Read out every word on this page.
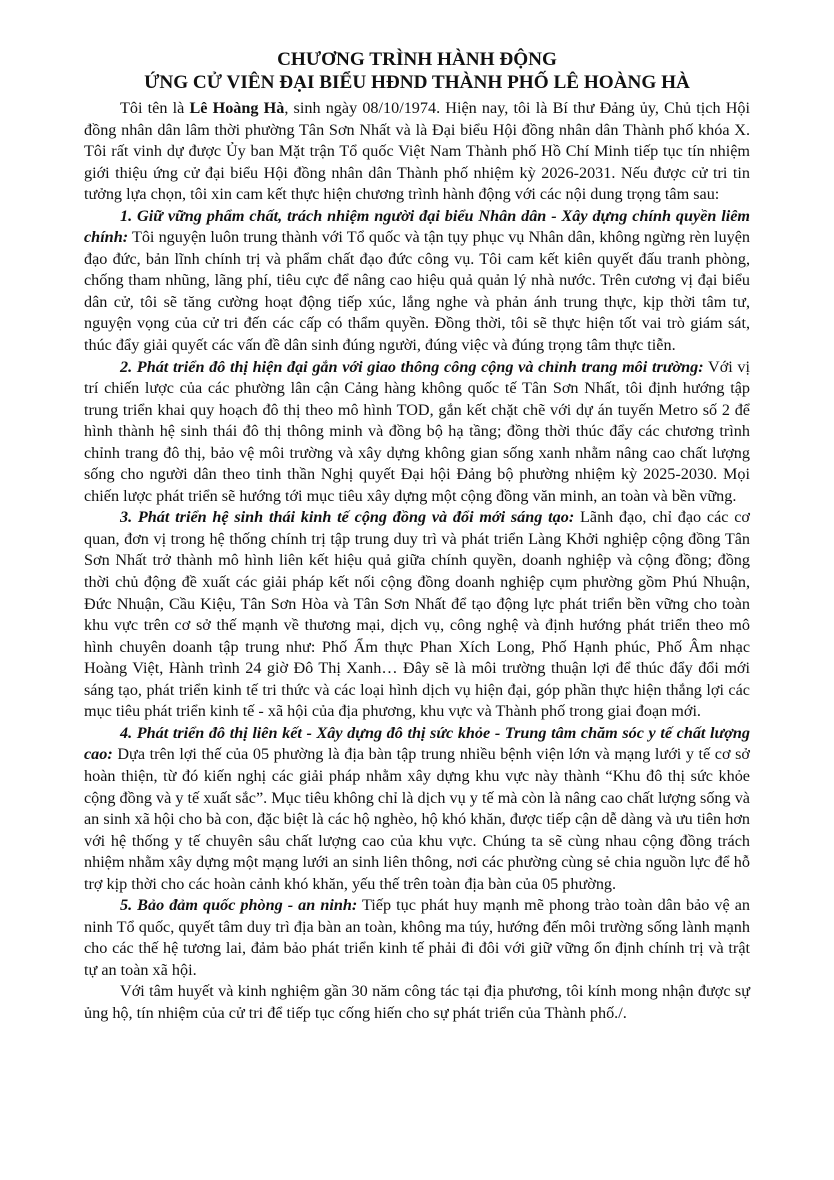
CHƯƠNG TRÌNH HÀNH ĐỘNG
ỨNG CỬ VIÊN ĐẠI BIỂU HĐND THÀNH PHỐ LÊ HOÀNG HÀ

Tôi tên là Lê Hoàng Hà, sinh ngày 08/10/1974. Hiện nay, tôi là Bí thư Đảng ủy, Chủ tịch Hội đồng nhân dân lâm thời phường Tân Sơn Nhất và là Đại biểu Hội đồng nhân dân Thành phố khóa X. Tôi rất vinh dự được Ủy ban Mặt trận Tổ quốc Việt Nam Thành phố Hồ Chí Minh tiếp tục tín nhiệm giới thiệu ứng cử đại biểu Hội đồng nhân dân Thành phố nhiệm kỳ 2026-2031. Nếu được cử tri tin tưởng lựa chọn, tôi xin cam kết thực hiện chương trình hành động với các nội dung trọng tâm sau:

1. Giữ vững phẩm chất, trách nhiệm người đại biểu Nhân dân - Xây dựng chính quyền liêm chính: Tôi nguyện luôn trung thành với Tổ quốc và tận tụy phục vụ Nhân dân, không ngừng rèn luyện đạo đức, bản lĩnh chính trị và phẩm chất đạo đức công vụ. Tôi cam kết kiên quyết đấu tranh phòng, chống tham nhũng, lãng phí, tiêu cực để nâng cao hiệu quả quản lý nhà nước. Trên cương vị đại biểu dân cử, tôi sẽ tăng cường hoạt động tiếp xúc, lắng nghe và phản ánh trung thực, kịp thời tâm tư, nguyện vọng của cử tri đến các cấp có thẩm quyền. Đồng thời, tôi sẽ thực hiện tốt vai trò giám sát, thúc đẩy giải quyết các vấn đề dân sinh đúng người, đúng việc và đúng trọng tâm thực tiễn.

2. Phát triển đô thị hiện đại gắn với giao thông công cộng và chỉnh trang môi trường: Với vị trí chiến lược của các phường lân cận Cảng hàng không quốc tế Tân Sơn Nhất, tôi định hướng tập trung triển khai quy hoạch đô thị theo mô hình TOD, gắn kết chặt chẽ với dự án tuyến Metro số 2 để hình thành hệ sinh thái đô thị thông minh và đồng bộ hạ tầng; đồng thời thúc đẩy các chương trình chỉnh trang đô thị, bảo vệ môi trường và xây dựng không gian sống xanh nhằm nâng cao chất lượng sống cho người dân theo tinh thần Nghị quyết Đại hội Đảng bộ phường nhiệm kỳ 2025-2030. Mọi chiến lược phát triển sẽ hướng tới mục tiêu xây dựng một cộng đồng văn minh, an toàn và bền vững.

3. Phát triển hệ sinh thái kinh tế cộng đồng và đổi mới sáng tạo: Lãnh đạo, chỉ đạo các cơ quan, đơn vị trong hệ thống chính trị tập trung duy trì và phát triển Làng Khởi nghiệp cộng đồng Tân Sơn Nhất trở thành mô hình liên kết hiệu quả giữa chính quyền, doanh nghiệp và cộng đồng; đồng thời chủ động đề xuất các giải pháp kết nối cộng đồng doanh nghiệp cụm phường gồm Phú Nhuận, Đức Nhuận, Cầu Kiệu, Tân Sơn Hòa và Tân Sơn Nhất để tạo động lực phát triển bền vững cho toàn khu vực trên cơ sở thế mạnh về thương mại, dịch vụ, công nghệ và định hướng phát triển theo mô hình chuyên doanh tập trung như: Phố Ẩm thực Phan Xích Long, Phố Hạnh phúc, Phố Âm nhạc Hoàng Việt, Hành trình 24 giờ Đô Thị Xanh… Đây sẽ là môi trường thuận lợi để thúc đẩy đổi mới sáng tạo, phát triển kinh tế tri thức và các loại hình dịch vụ hiện đại, góp phần thực hiện thắng lợi các mục tiêu phát triển kinh tế - xã hội của địa phương, khu vực và Thành phố trong giai đoạn mới.

4. Phát triển đô thị liên kết - Xây dựng đô thị sức khỏe - Trung tâm chăm sóc y tế chất lượng cao: Dựa trên lợi thế của 05 phường là địa bàn tập trung nhiều bệnh viện lớn và mạng lưới y tế cơ sở hoàn thiện, từ đó kiến nghị các giải pháp nhằm xây dựng khu vực này thành “Khu đô thị sức khỏe cộng đồng và y tế xuất sắc”. Mục tiêu không chỉ là dịch vụ y tế mà còn là nâng cao chất lượng sống và an sinh xã hội cho bà con, đặc biệt là các hộ nghèo, hộ khó khăn, được tiếp cận dễ dàng và ưu tiên hơn với hệ thống y tế chuyên sâu chất lượng cao của khu vực. Chúng ta sẽ cùng nhau cộng đồng trách nhiệm nhằm xây dựng một mạng lưới an sinh liên thông, nơi các phường cùng sẻ chia nguồn lực để hỗ trợ kịp thời cho các hoàn cảnh khó khăn, yếu thế trên toàn địa bàn của 05 phường.

5. Bảo đảm quốc phòng - an ninh: Tiếp tục phát huy mạnh mẽ phong trào toàn dân bảo vệ an ninh Tổ quốc, quyết tâm duy trì địa bàn an toàn, không ma túy, hướng đến môi trường sống lành mạnh cho các thế hệ tương lai, đảm bảo phát triển kinh tế phải đi đôi với giữ vững ổn định chính trị và trật tự an toàn xã hội.

Với tâm huyết và kinh nghiệm gần 30 năm công tác tại địa phương, tôi kính mong nhận được sự ủng hộ, tín nhiệm của cử tri để tiếp tục cống hiến cho sự phát triển của Thành phố./.
